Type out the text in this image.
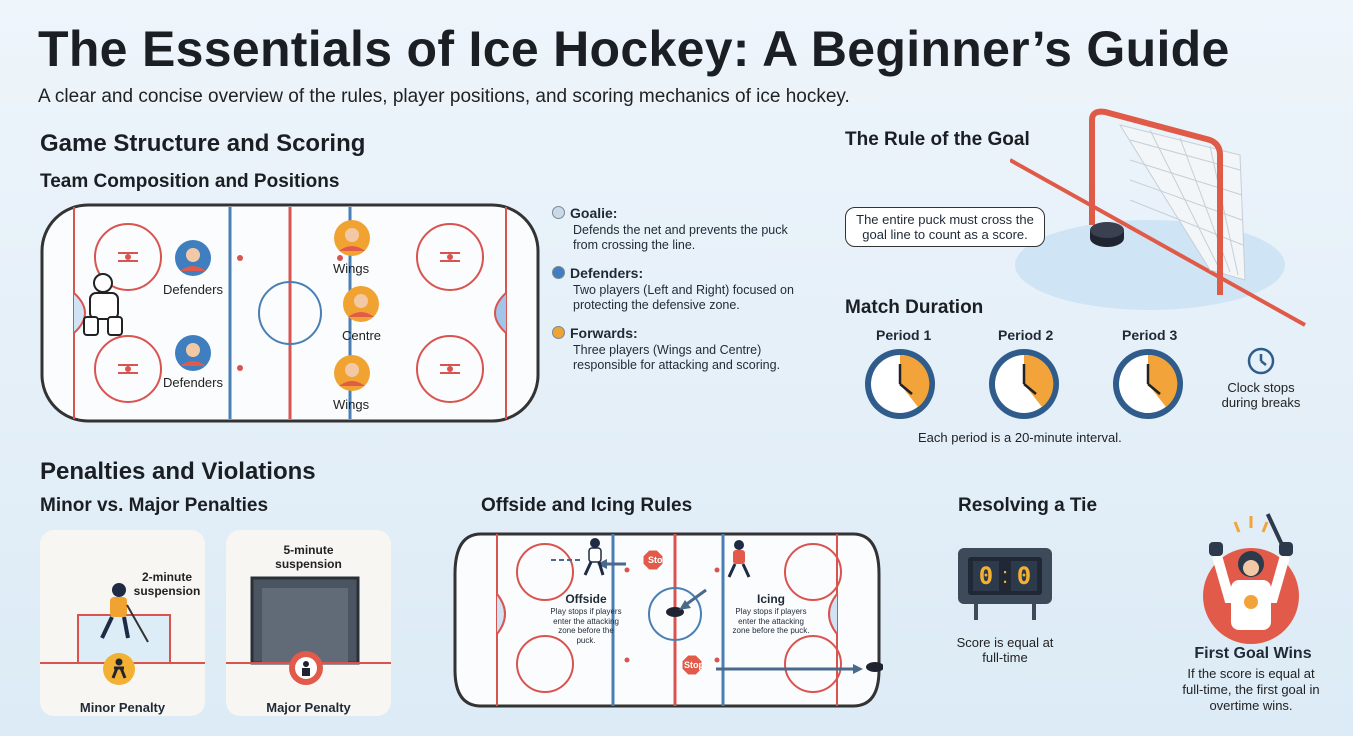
The Essentials of Ice Hockey: A Beginner’s Guide
A clear and concise overview of the rules, player positions, and scoring mechanics of ice hockey.
Game Structure and Scoring
Team Composition and Positions
Defenders
Defenders
Wings
Centre
Wings
Goalie:
Defends the net and prevents the puck from crossing the line.
Defenders:
Two players (Left and Right) focused on protecting the defensive zone.
Forwards:
Three players (Wings and Centre) responsible for attacking and scoring.
The Rule of the Goal
The entire puck must cross the goal line to count as a score.
Match Duration
Period 1	Period 2	Period 3
Clock stops during breaks
Each period is a 20-minute interval.
Penalties and Violations
Minor vs. Major Penalties
2-minute suspension
Minor Penalty
5-minute suspension
Major Penalty
Offside and Icing Rules
Stop
Stop
Offside
Play stops if players enter the attacking zone before the puck.
Icing
Play stops if players enter the attacking zone before the puck.
Resolving a Tie
0 : 0
Score is equal at full-time	First Goal Wins
If the score is equal at full-time, the first goal in overtime wins.
